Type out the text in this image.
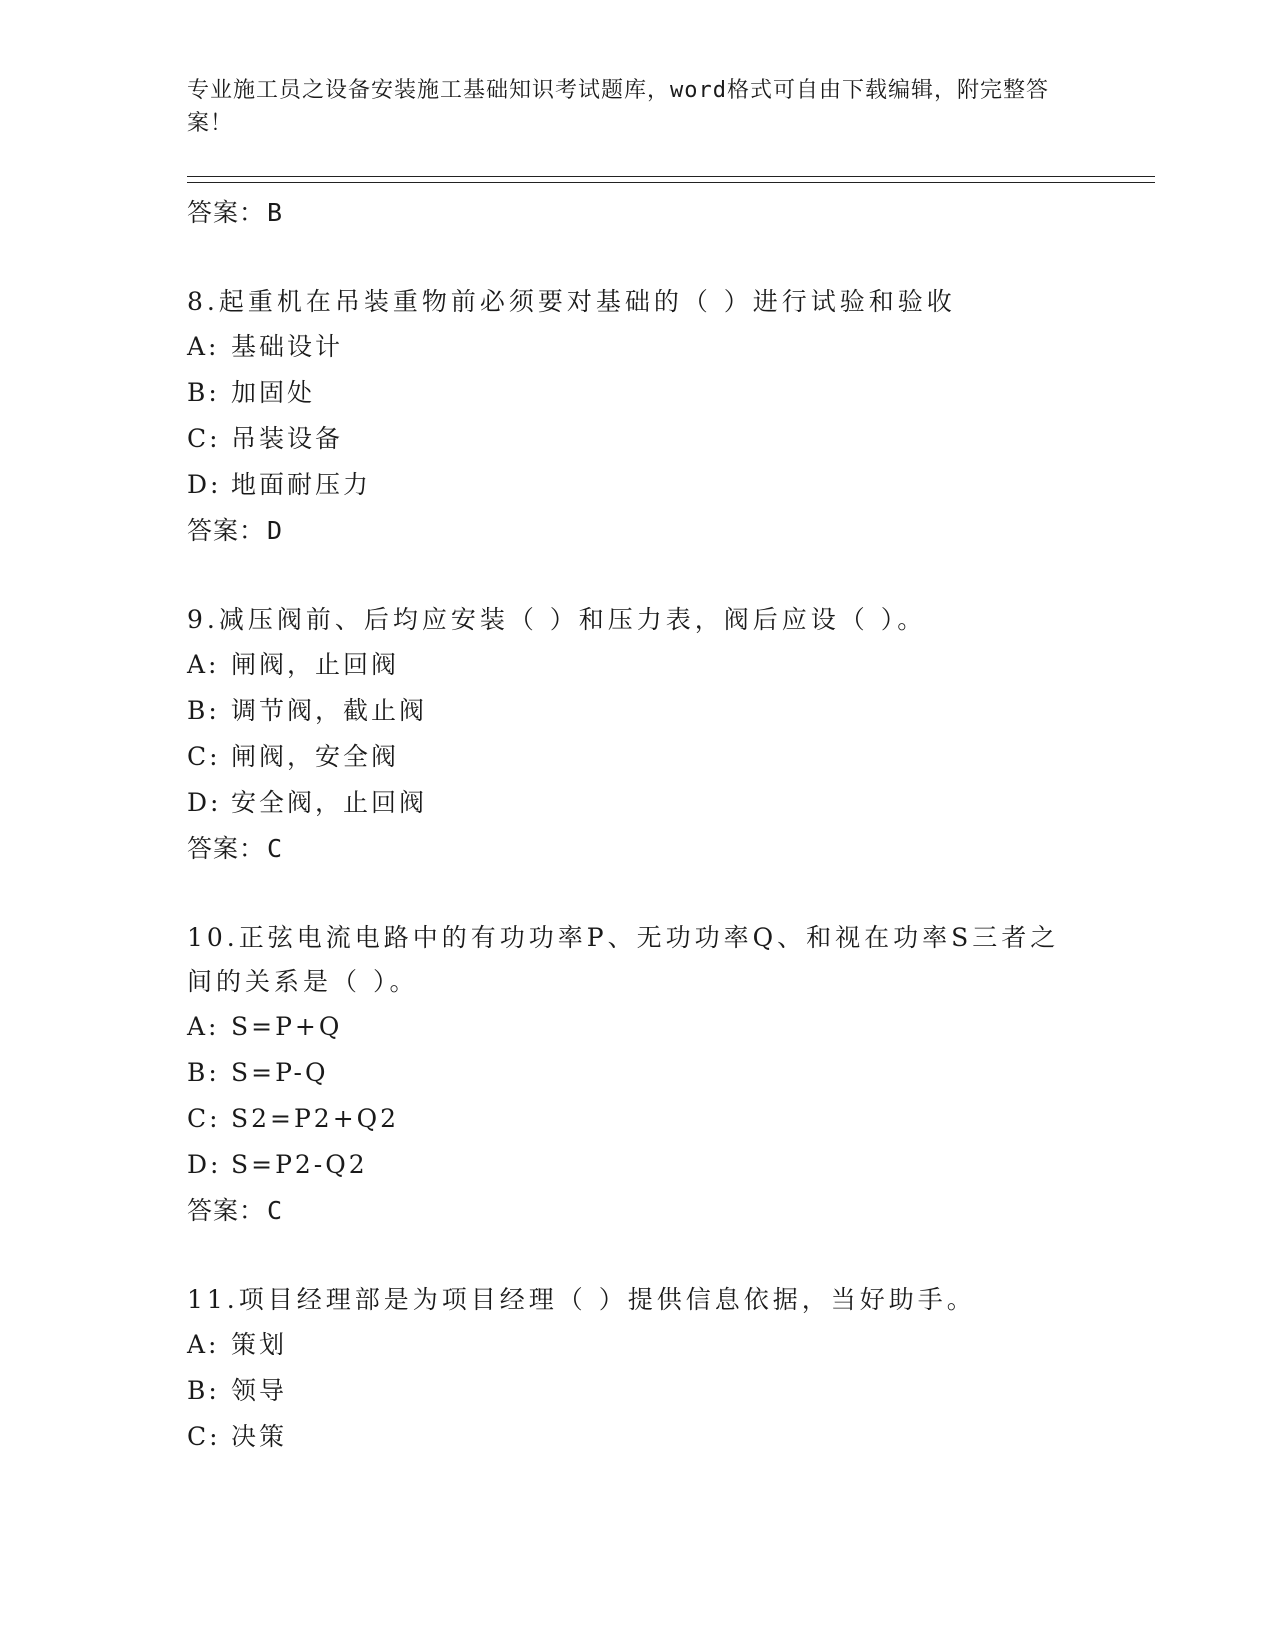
专业施工员之设备安装施工基础知识考试题库，word格式可自由下载编辑，附完整答案！
答案：B
8.起重机在吊装重物前必须要对基础的（ ）进行试验和验收
A: 基础设计
B: 加固处
C: 吊装设备
D: 地面耐压力
答案：D
9.减压阀前、后均应安装（ ）和压力表，阀后应设（ ）。
A: 闸阀，止回阀
B: 调节阀，截止阀
C: 闸阀，安全阀
D: 安全阀，止回阀
答案：C
10.正弦电流电路中的有功功率P、无功功率Q、和视在功率S三者之间的关系是（ ）。
A: S=P+Q
B: S=P-Q
C: S2=P2+Q2
D: S=P2-Q2
答案：C
11.项目经理部是为项目经理（ ）提供信息依据，当好助手。
A: 策划
B: 领导
C: 决策
